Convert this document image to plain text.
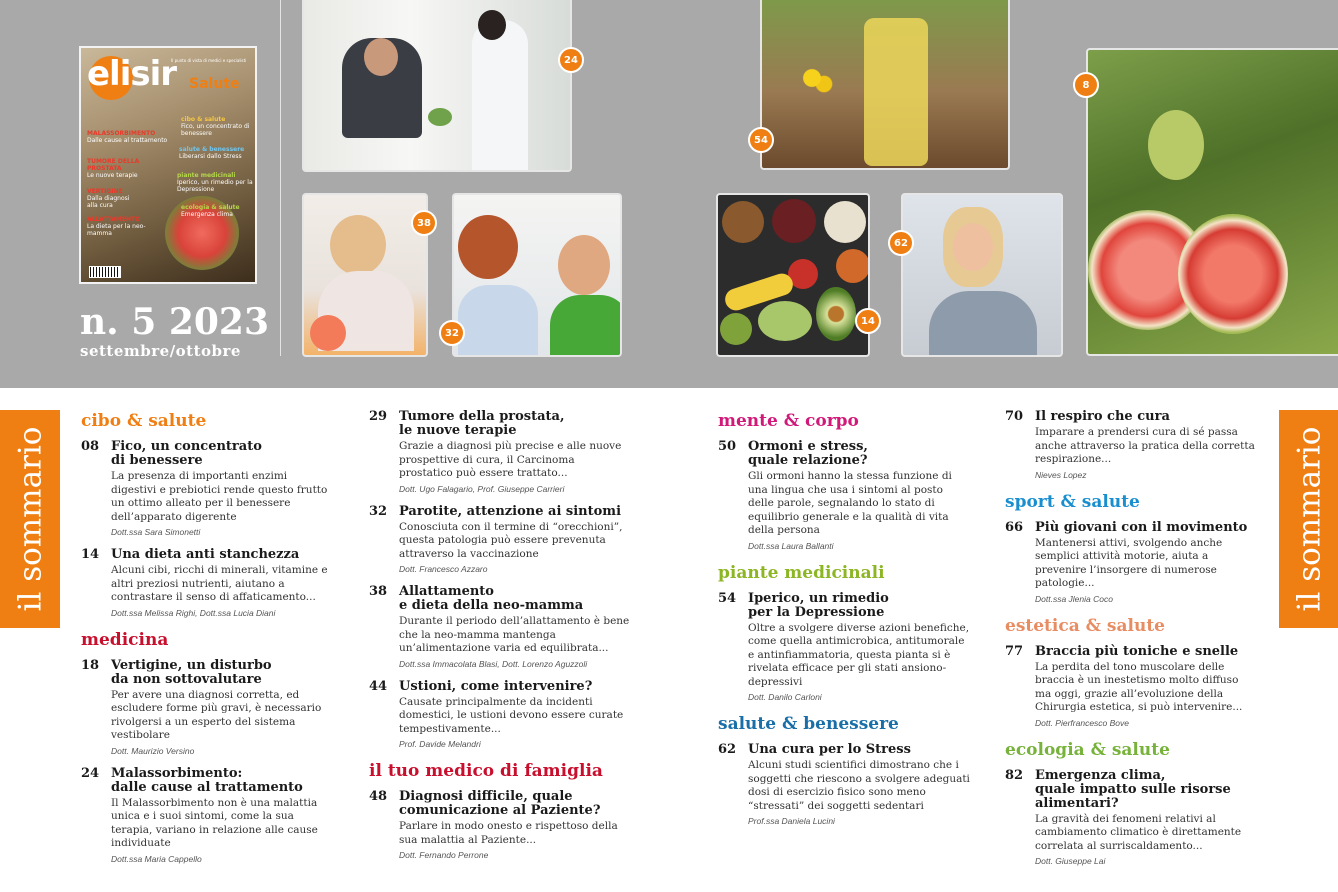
elisir Salute
Il punto di vista di medici e specialisti
MALASSORBIMENTO
Dalle cause al trattamento
TUMORE DELLA PROSTATA
Le nuove terapie
VERTIGINE
Dalla diagnosi alla cura
ALLATTAMENTO
La dieta per la neo-mamma
cibo & salute
Fico, un concentrato di benessere
salute & benessere
Liberarsi dallo Stress
piante medicinali
Iperico, un rimedio per la Depressione
ecologia & salute
Emergenza clima
n. 5 2023
settembre/ottobre
24
54
8
38
32
14
62
il sommario	il sommario
cibo & salute
08 Fico, un concentrato
di benessere
La presenza di importanti enzimi digestivi e prebiotici rende questo frutto un ottimo alleato per il benessere dell’apparato digerente
Dott.ssa Sara Simonetti
14 Una dieta anti stanchezza
Alcuni cibi, ricchi di minerali, vitamine e altri preziosi nutrienti, aiutano a contrastare il senso di affaticamento...
Dott.ssa Melissa Righi, Dott.ssa Lucia Diani
medicina
18 Vertigine, un disturbo
da non sottovalutare
Per avere una diagnosi corretta, ed escludere forme più gravi, è necessario rivolgersi a un esperto del sistema vestibolare
Dott. Maurizio Versino
24 Malassorbimento:
dalle cause al trattamento
Il Malassorbimento non è una malattia unica e i suoi sintomi, come la sua terapia, variano in relazione alle cause individuate
Dott.ssa Maria Cappello
29 Tumore della prostata,
le nuove terapie
Grazie a diagnosi più precise e alle nuove prospettive di cura, il Carcinoma prostatico può essere trattato...
Dott. Ugo Falagario, Prof. Giuseppe Carrieri
32 Parotite, attenzione ai sintomi
Conosciuta con il termine di “orecchioni”, questa patologia può essere prevenuta attraverso la vaccinazione
Dott. Francesco Azzaro
38 Allattamento
e dieta della neo-mamma
Durante il periodo dell’allattamento è bene che la neo-mamma mantenga un’alimentazione varia ed equilibrata...
Dott.ssa Immacolata Blasi, Dott. Lorenzo Aguzzoli
44 Ustioni, come intervenire?
Causate principalmente da incidenti domestici, le ustioni devono essere curate tempestivamente...
Prof. Davide Melandri
il tuo medico di famiglia
48 Diagnosi difficile, quale
comunicazione al Paziente?
Parlare in modo onesto e rispettoso della sua malattia al Paziente...
Dott. Fernando Perrone
mente & corpo
50 Ormoni e stress,
quale relazione?
Gli ormoni hanno la stessa funzione di una lingua che usa i sintomi al posto delle parole, segnalando lo stato di equilibrio generale e la qualità di vita della persona
Dott.ssa Laura Ballanti
piante medicinali
54 Iperico, un rimedio
per la Depressione
Oltre a svolgere diverse azioni benefiche, come quella antimicrobica, antitumorale e antinfiammatoria, questa pianta si è rivelata efficace per gli stati ansiono-depressivi
Dott. Danilo Carloni
salute & benessere
62 Una cura per lo Stress
Alcuni studi scientifici dimostrano che i soggetti che riescono a svolgere adeguati dosi di esercizio fisico sono meno “stressati” dei soggetti sedentari
Prof.ssa Daniela Lucini
70 Il respiro che cura
Imparare a prendersi cura di sé passa anche attraverso la pratica della corretta respirazione...
Nieves Lopez
sport & salute
66 Più giovani con il movimento
Mantenersi attivi, svolgendo anche semplici attività motorie, aiuta a prevenire l’insorgere di numerose patologie...
Dott.ssa Jlenia Coco
estetica & salute
77 Braccia più toniche e snelle
La perdita del tono muscolare delle braccia è un inestetismo molto diffuso ma oggi, grazie all’evoluzione della Chirurgia estetica, si può intervenire...
Dott. Pierfrancesco Bove
ecologia & salute
82 Emergenza clima,
quale impatto sulle risorse
alimentari?
La gravità dei fenomeni relativi al cambiamento climatico è direttamente correlata al surriscaldamento...
Dott. Giuseppe Lai
